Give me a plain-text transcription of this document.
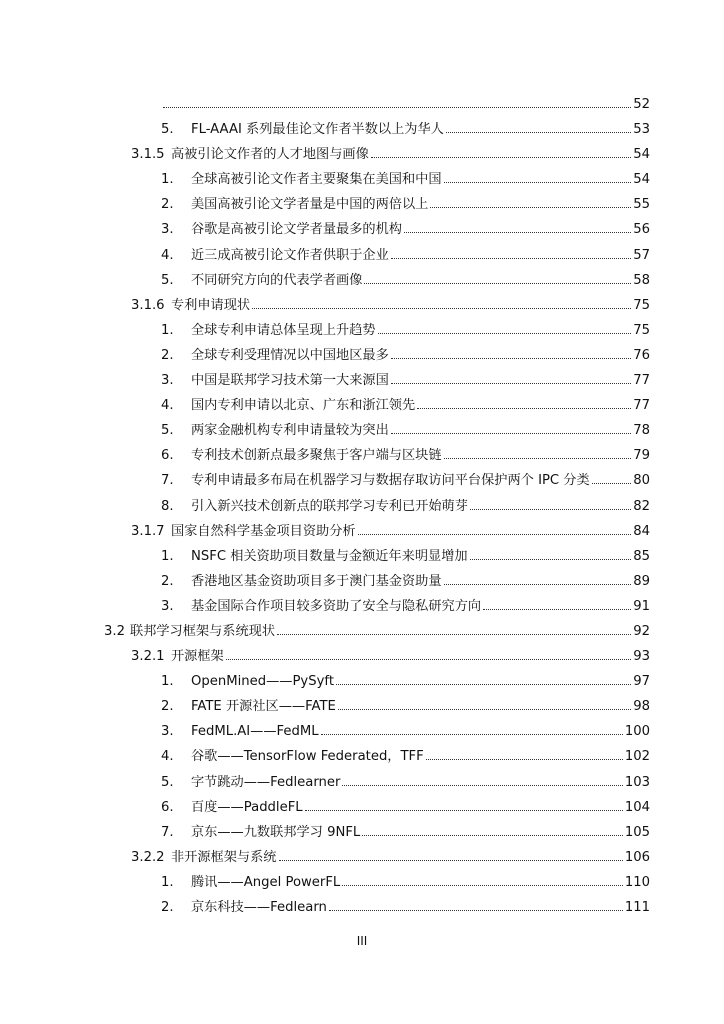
52
5.	FL-AAAI 系列最佳论文作者半数以上为华人	53
3.1.5 高被引论文作者的人才地图与画像	54
1.	全球高被引论文作者主要聚集在美国和中国	54
2.	美国高被引论文学者量是中国的两倍以上	55
3.	谷歌是高被引论文学者量最多的机构	56
4.	近三成高被引论文作者供职于企业	57
5.	不同研究方向的代表学者画像	58
3.1.6 专利申请现状	75
1.	全球专利申请总体呈现上升趋势	75
2.	全球专利受理情况以中国地区最多	76
3.	中国是联邦学习技术第一大来源国	77
4.	国内专利申请以北京、广东和浙江领先	77
5.	两家金融机构专利申请量较为突出	78
6.	专利技术创新点最多聚焦于客户端与区块链	79
7.	专利申请最多布局在机器学习与数据存取访问平台保护两个 IPC 分类	80
8.	引入新兴技术创新点的联邦学习专利已开始萌芽	82
3.1.7 国家自然科学基金项目资助分析	84
1.	NSFC 相关资助项目数量与金额近年来明显增加	85
2.	香港地区基金资助项目多于澳门基金资助量	89
3.	基金国际合作项目较多资助了安全与隐私研究方向	91
3.2 联邦学习框架与系统现状	92
3.2.1 开源框架	93
1.	OpenMined——PySyft	97
2.	FATE 开源社区——FATE	98
3.	FedML.AI——FedML	100
4.	谷歌——TensorFlow Federated，TFF	102
5.	字节跳动——Fedlearner	103
6.	百度——PaddleFL	104
7.	京东——九数联邦学习 9NFL	105
3.2.2 非开源框架与系统	106
1.	腾讯——Angel PowerFL	110
2.	京东科技——Fedlearn	111
III
